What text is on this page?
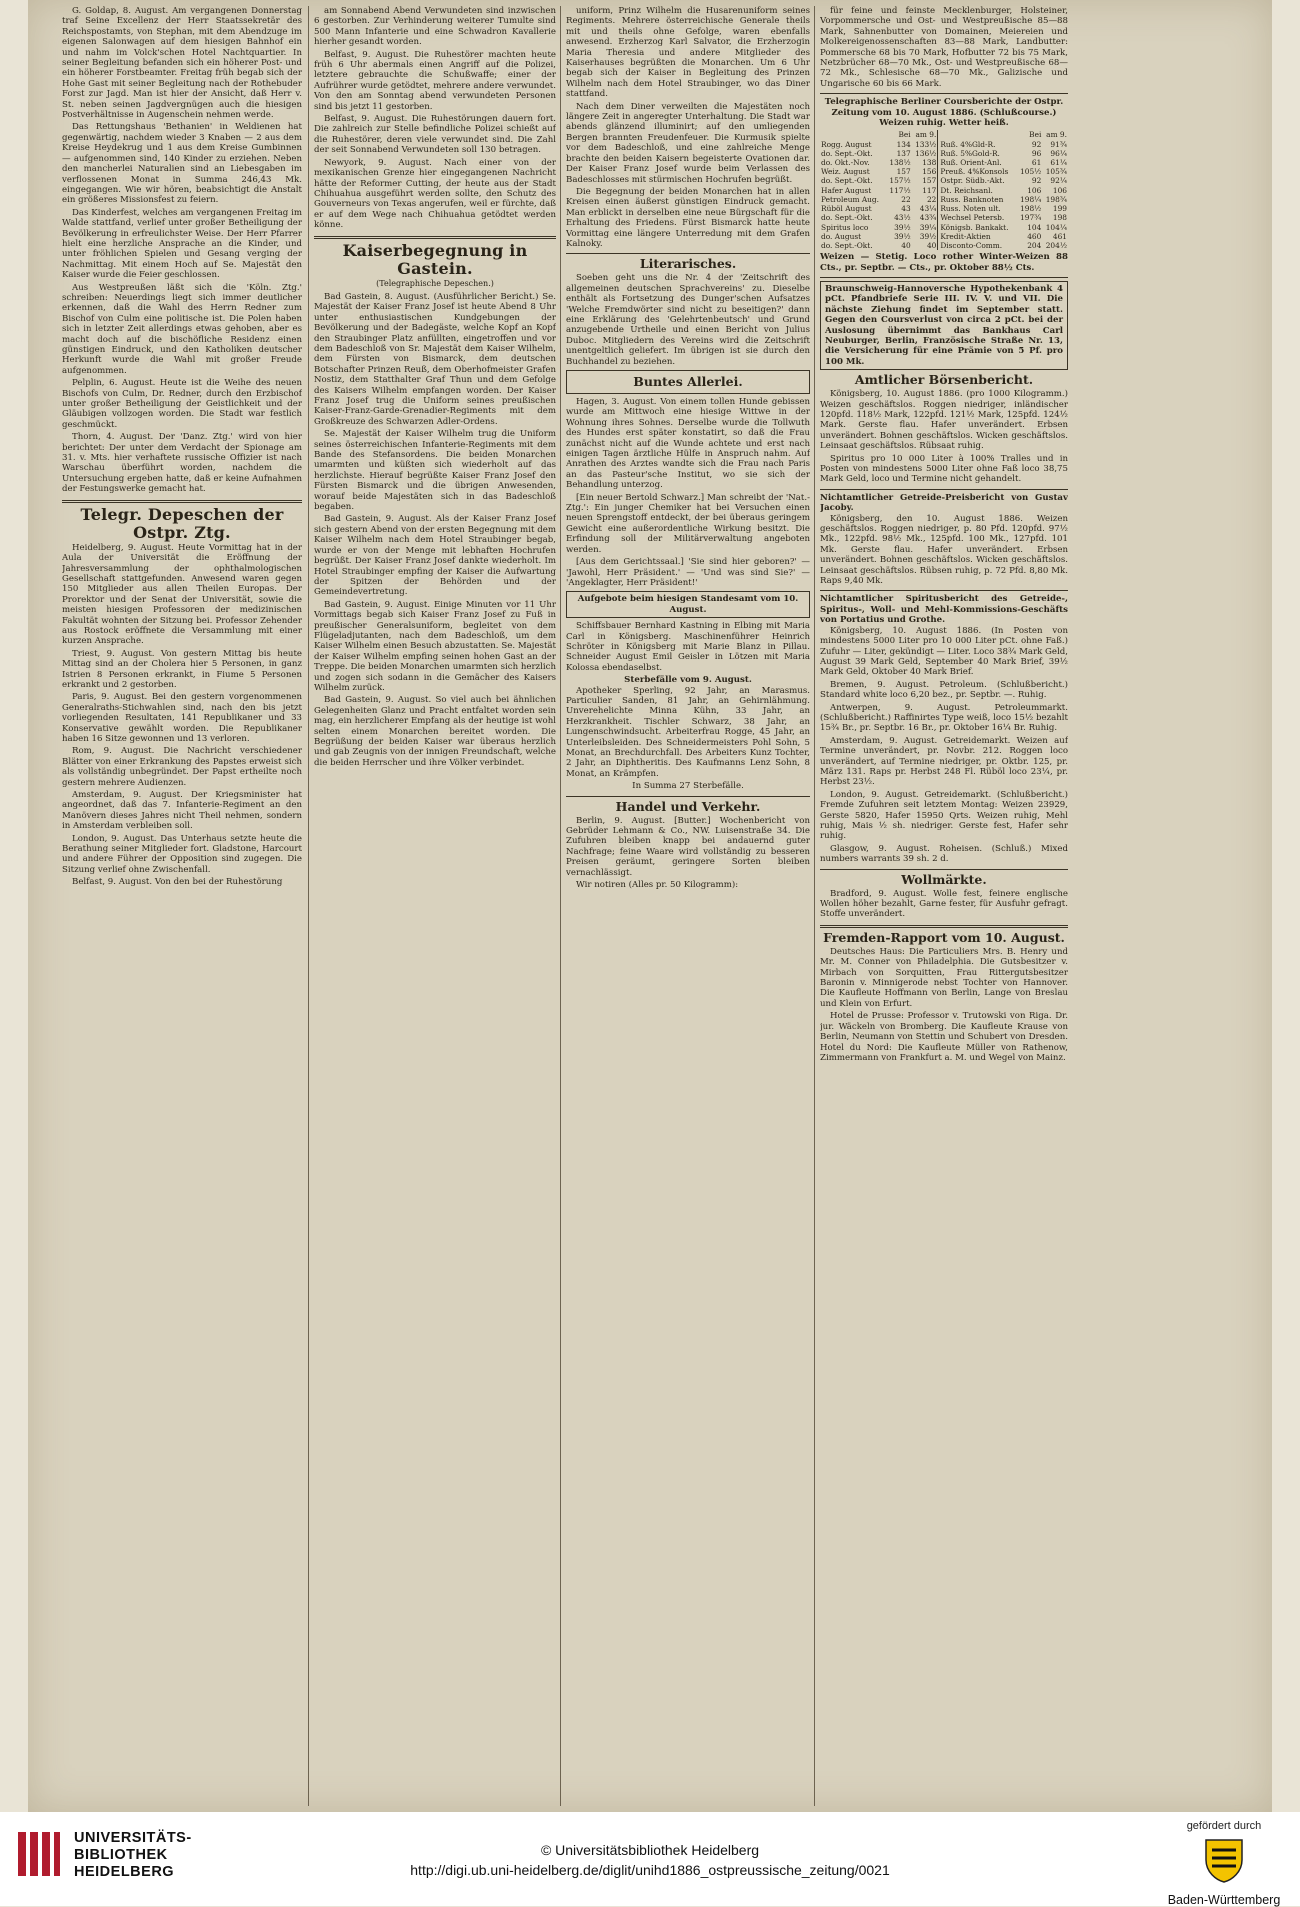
G. Goldap, 8. August. Am vergangenen Donnerstag traf Seine Excellenz der Herr Staatssekretär des Reichspostamts, von Stephan, mit dem Abendzuge im eigenen Salonwagen auf dem hiesigen Bahnhof ein und nahm im Volck'schen Hotel Nachtquartier. In seiner Begleitung befanden sich ein höherer Post- und ein höherer Forstbeamter. Freitag früh begab sich der Hohe Gast mit seiner Begleitung nach der Rothebuder Forst zur Jagd. Man ist hier der Ansicht, daß Herr v. St. neben seinen Jagdvergnügen auch die hiesigen Postverhältnisse in Augenschein nehmen werde.

Das Rettungshaus 'Bethanien' in Weldienen hat gegenwärtig, nachdem wieder 3 Knaben — 2 aus dem Kreise Heydekrug und 1 aus dem Kreise Gumbinnen — aufgenommen sind, 140 Kinder zu erziehen. Neben den mancherlei Naturalien sind an Liebesgaben im verflossenen Monat in Summa 246,43 Mk. eingegangen. Wie wir hören, beabsichtigt die Anstalt ein größeres Missionsfest zu feiern.

Das Kinderfest, welches am vergangenen Freitag im Walde stattfand, verlief unter großer Betheiligung der Bevölkerung in erfreulichster Weise. Der Herr Pfarrer hielt eine herzliche Ansprache an die Kinder, und unter fröhlichen Spielen und Gesang verging der Nachmittag. Mit einem Hoch auf Se. Majestät den Kaiser wurde die Feier geschlossen.

Aus Westpreußen läßt sich die 'Köln. Ztg.' schreiben: Neuerdings liegt sich immer deutlicher erkennen, daß die Wahl des Herrn Redner zum Bischof von Culm eine politische ist. Die Polen haben sich in letzter Zeit allerdings etwas gehoben, aber es macht doch auf die bischöfliche Residenz einen günstigen Eindruck, und den Katholiken deutscher Herkunft wurde die Wahl mit großer Freude aufgenommen.

Pelplin, 6. August. Heute ist die Weihe des neuen Bischofs von Culm, Dr. Redner, durch den Erzbischof unter großer Betheiligung der Geistlichkeit und der Gläubigen vollzogen worden. Die Stadt war festlich geschmückt.

Thorn, 4. August. Der 'Danz. Ztg.' wird von hier berichtet: Der unter dem Verdacht der Spionage am 31. v. Mts. hier verhaftete russische Offizier ist nach Warschau überführt worden, nachdem die Untersuchung ergeben hatte, daß er keine Aufnahmen der Festungswerke gemacht hat.

Telegr. Depeschen der Ostpr. Ztg.

Heidelberg, 9. August. Heute Vormittag hat in der Aula der Universität die Eröffnung der Jahresversammlung der ophthalmologischen Gesellschaft stattgefunden. Anwesend waren gegen 150 Mitglieder aus allen Theilen Europas. Der Prorektor und der Senat der Universität, sowie die meisten hiesigen Professoren der medizinischen Fakultät wohnten der Sitzung bei. Professor Zehender aus Rostock eröffnete die Versammlung mit einer kurzen Ansprache.

Triest, 9. August. Von gestern Mittag bis heute Mittag sind an der Cholera hier 5 Personen, in ganz Istrien 8 Personen erkrankt, in Fiume 5 Personen erkrankt und 2 gestorben.

Paris, 9. August. Bei den gestern vorgenommenen Generalraths-Stichwahlen sind, nach den bis jetzt vorliegenden Resultaten, 141 Republikaner und 33 Konservative gewählt worden. Die Republikaner haben 16 Sitze gewonnen und 13 verloren.

Rom, 9. August. Die Nachricht verschiedener Blätter von einer Erkrankung des Papstes erweist sich als vollständig unbegründet. Der Papst ertheilte noch gestern mehrere Audienzen.

Amsterdam, 9. August. Der Kriegsminister hat angeordnet, daß das 7. Infanterie-Regiment an den Manövern dieses Jahres nicht Theil nehmen, sondern in Amsterdam verbleiben soll.

London, 9. August. Das Unterhaus setzte heute die Berathung seiner Mitglieder fort. Gladstone, Harcourt und andere Führer der Opposition sind zugegen. Die Sitzung verlief ohne Zwischenfall.

Belfast, 9. August. Von den bei der Ruhestörung

am Sonnabend Abend Verwundeten sind inzwischen 6 gestorben. Zur Verhinderung weiterer Tumulte sind 500 Mann Infanterie und eine Schwadron Kavallerie hierher gesandt worden.

Belfast, 9. August. Die Ruhestörer machten heute früh 6 Uhr abermals einen Angriff auf die Polizei, letztere gebrauchte die Schußwaffe; einer der Aufrührer wurde getödtet, mehrere andere verwundet. Von den am Sonntag abend verwundeten Personen sind bis jetzt 11 gestorben.

Belfast, 9. August. Die Ruhestörungen dauern fort. Die zahlreich zur Stelle befindliche Polizei schießt auf die Ruhestörer, deren viele verwundet sind. Die Zahl der seit Sonnabend Verwundeten soll 130 betragen.

Newyork, 9. August. Nach einer von der mexikanischen Grenze hier eingegangenen Nachricht hätte der Reformer Cutting, der heute aus der Stadt Chihuahua ausgeführt werden sollte, den Schutz des Gouverneurs von Texas angerufen, weil er fürchte, daß er auf dem Wege nach Chihuahua getödtet werden könne.

Kaiserbegegnung in Gastein.
(Telegraphische Depeschen.)

Bad Gastein, 8. August. (Ausführlicher Bericht.) Se. Majestät der Kaiser Franz Josef ist heute Abend 8 Uhr unter enthusiastischen Kundgebungen der Bevölkerung und der Badegäste, welche Kopf an Kopf den Straubinger Platz anfüllten, eingetroffen und vor dem Badeschloß von Sr. Majestät dem Kaiser Wilhelm, dem Fürsten von Bismarck, dem deutschen Botschafter Prinzen Reuß, dem Oberhofmeister Grafen Nostiz, dem Statthalter Graf Thun und dem Gefolge des Kaisers Wilhelm empfangen worden. Der Kaiser Franz Josef trug die Uniform seines preußischen Kaiser-Franz-Garde-Grenadier-Regiments mit dem Großkreuze des Schwarzen Adler-Ordens.

Se. Majestät der Kaiser Wilhelm trug die Uniform seines österreichischen Infanterie-Regiments mit dem Bande des Stefansordens. Die beiden Monarchen umarmten und küßten sich wiederholt auf das herzlichste. Hierauf begrüßte Kaiser Franz Josef den Fürsten Bismarck und die übrigen Anwesenden, worauf beide Majestäten sich in das Badeschloß begaben.

Bad Gastein, 9. August. Als der Kaiser Franz Josef sich gestern Abend von der ersten Begegnung mit dem Kaiser Wilhelm nach dem Hotel Straubinger begab, wurde er von der Menge mit lebhaften Hochrufen begrüßt. Der Kaiser Franz Josef dankte wiederholt. Im Hotel Straubinger empfing der Kaiser die Aufwartung der Spitzen der Behörden und der Gemeindevertretung.

Bad Gastein, 9. August. Einige Minuten vor 11 Uhr Vormittags begab sich Kaiser Franz Josef zu Fuß in preußischer Generalsuniform, begleitet von dem Flügeladjutanten, nach dem Badeschloß, um dem Kaiser Wilhelm einen Besuch abzustatten. Se. Majestät der Kaiser Wilhelm empfing seinen hohen Gast an der Treppe. Die beiden Monarchen umarmten sich herzlich und zogen sich sodann in die Gemächer des Kaisers Wilhelm zurück.

Bad Gastein, 9. August. So viel auch bei ähnlichen Gelegenheiten Glanz und Pracht entfaltet worden sein mag, ein herzlicherer Empfang als der heutige ist wohl selten einem Monarchen bereitet worden. Die Begrüßung der beiden Kaiser war überaus herzlich und gab Zeugnis von der innigen Freundschaft, welche die beiden Herrscher und ihre Völker verbindet.

uniform, Prinz Wilhelm die Husarenuniform seines Regiments. Mehrere österreichische Generale theils mit und theils ohne Gefolge, waren ebenfalls anwesend. Erzherzog Karl Salvator, die Erzherzogin Maria Theresia und andere Mitglieder des Kaiserhauses begrüßten die Monarchen. Um 6 Uhr begab sich der Kaiser in Begleitung des Prinzen Wilhelm nach dem Hotel Straubinger, wo das Diner stattfand.

Nach dem Diner verweilten die Majestäten noch längere Zeit in angeregter Unterhaltung. Die Stadt war abends glänzend illuminirt; auf den umliegenden Bergen brannten Freudenfeuer. Die Kurmusik spielte vor dem Badeschloß, und eine zahlreiche Menge brachte den beiden Kaisern begeisterte Ovationen dar. Der Kaiser Franz Josef wurde beim Verlassen des Badeschlosses mit stürmischen Hochrufen begrüßt.

Die Begegnung der beiden Monarchen hat in allen Kreisen einen äußerst günstigen Eindruck gemacht. Man erblickt in derselben eine neue Bürgschaft für die Erhaltung des Friedens. Fürst Bismarck hatte heute Vormittag eine längere Unterredung mit dem Grafen Kalnoky.

Literarisches.

Soeben geht uns die Nr. 4 der 'Zeitschrift des allgemeinen deutschen Sprachvereins' zu. Dieselbe enthält als Fortsetzung des Dunger'schen Aufsatzes 'Welche Fremdwörter sind nicht zu beseitigen?' dann eine Erklärung des 'Gelehrtenbeutsch' und Grund anzugebende Urtheile und einen Bericht von Julius Duboc. Mitgliedern des Vereins wird die Zeitschrift unentgeltlich geliefert. Im übrigen ist sie durch den Buchhandel zu beziehen.

Buntes Allerlei.

Hagen, 3. August. Von einem tollen Hunde gebissen wurde am Mittwoch eine hiesige Wittwe in der Wohnung ihres Sohnes. Derselbe wurde die Tollwuth des Hundes erst später konstatirt, so daß die Frau zunächst nicht auf die Wunde achtete und erst nach einigen Tagen ärztliche Hülfe in Anspruch nahm. Auf Anrathen des Arztes wandte sich die Frau nach Paris an das Pasteur'sche Institut, wo sie sich der Behandlung unterzog.

[Ein neuer Bertold Schwarz.] Man schreibt der 'Nat.-Ztg.': Ein junger Chemiker hat bei Versuchen einen neuen Sprengstoff entdeckt, der bei überaus geringem Gewicht eine außerordentliche Wirkung besitzt. Die Erfindung soll der Militärverwaltung angeboten werden.

[Aus dem Gerichtssaal.] 'Sie sind hier geboren?' — 'Jawohl, Herr Präsident.' — 'Und was sind Sie?' — 'Angeklagter, Herr Präsident!'

Aufgebote beim hiesigen Standesamt vom 10. August.

Schiffsbauer Bernhard Kastning in Elbing mit Maria Carl in Königsberg. Maschinenführer Heinrich Schröter in Königsberg mit Marie Blanz in Pillau. Schneider August Emil Geisler in Lötzen mit Maria Kolossa ebendaselbst.

Sterbefälle vom 9. August.

Apotheker Sperling, 92 Jahr, an Marasmus. Particulier Sanden, 81 Jahr, an Gehirnlähmung. Unverehelichte Minna Kühn, 33 Jahr, an Herzkrankheit. Tischler Schwarz, 38 Jahr, an Lungenschwindsucht. Arbeiterfrau Rogge, 45 Jahr, an Unterleibsleiden. Des Schneidermeisters Pohl Sohn, 5 Monat, an Brechdurchfall. Des Arbeiters Kunz Tochter, 2 Jahr, an Diphtheritis. Des Kaufmanns Lenz Sohn, 8 Monat, an Krämpfen.

In Summa 27 Sterbefälle.
Handel und Verkehr.

Berlin, 9. August. [Butter.] Wochenbericht von Gebrüder Lehmann & Co., NW. Luisenstraße 34. Die Zufuhren bleiben knapp bei andauernd guter Nachfrage; feine Waare wird vollständig zu besseren Preisen geräumt, geringere Sorten bleiben vernachlässigt.

Wir notiren (Alles pr. 50 Kilogramm):

für feine und feinste Mecklenburger, Holsteiner, Vorpommersche und Ost- und Westpreußische 85—88 Mark, Sahnenbutter von Domainen, Meiereien und Molkereigenossenschaften 83—88 Mark, Landbutter: Pommersche 68 bis 70 Mark, Hofbutter 72 bis 75 Mark, Netzbrücher 68—70 Mk., Ost- und Westpreußische 68—72 Mk., Schlesische 68—70 Mk., Galizische und Ungarische 60 bis 66 Mark.

Telegraphische Berliner Coursberichte der Ostpr. Zeitung vom 10. August 1886. (Schlußcourse.) Weizen ruhig. Wetter heiß.
	Bei	am 9.		Bei	am 9.
Rogg. August	134	133½	Ruß. 4%Gld-R.	92	91¾
do. Sept.-Okt.	137	136½	Ruß. 5%Gold-R.	96	96¼
do. Okt.-Nov.	138½	138	Ruß. Orient-Anl.	61	61¼
Weiz. August	157	156	Preuß. 4%Konsols	105½	105¾
do. Sept.-Okt.	157½	157	Ostpr. Südb.-Akt.	92	92¼
Hafer August	117½	117	Dt. Reichsanl.	106	106
Petroleum Aug.	22	22	Russ. Banknoten	198¼	198¾
Rüböl August	43	43¼	Russ. Noten ult.	198½	199
do. Sept.-Okt.	43½	43¾	Wechsel Petersb.	197¾	198
Spiritus loco	39½	39¼	Königsb. Bankakt.	104	104¼
do. August	39½	39½	Kredit-Aktien	460	461
do. Sept.-Okt.	40	40	Disconto-Comm.	204	204½
Weizen — Stetig. Loco rother Winter-Weizen 88 Cts., pr. Septbr. — Cts., pr. Oktober 88½ Cts.
Braunschweig-Hannoversche Hypothekenbank 4 pCt. Pfandbriefe Serie III. IV. V. und VII. Die nächste Ziehung findet im September statt. Gegen den Coursverlust von circa 2 pCt. bei der Auslosung übernimmt das Bankhaus Carl Neuburger, Berlin, Französische Straße Nr. 13, die Versicherung für eine Prämie von 5 Pf. pro 100 Mk.
Amtlicher Börsenbericht.

Königsberg, 10. August 1886. (pro 1000 Kilogramm.) Weizen geschäftslos. Roggen niedriger, inländischer 120pfd. 118½ Mark, 122pfd. 121½ Mark, 125pfd. 124½ Mark. Gerste flau. Hafer unverändert. Erbsen unverändert. Bohnen geschäftslos. Wicken geschäftslos. Leinsaat geschäftslos. Rübsaat ruhig.

Spiritus pro 10 000 Liter à 100% Tralles und in Posten von mindestens 5000 Liter ohne Faß loco 38,75 Mark Geld, loco und Termine nicht gehandelt.

Nichtamtlicher Getreide-Preisbericht von Gustav Jacoby.

Königsberg, den 10. August 1886. Weizen geschäftslos. Roggen niedriger, p. 80 Pfd. 120pfd. 97½ Mk., 122pfd. 98½ Mk., 125pfd. 100 Mk., 127pfd. 101 Mk. Gerste flau. Hafer unverändert. Erbsen unverändert. Bohnen geschäftslos. Wicken geschäftslos. Leinsaat geschäftslos. Rübsen ruhig, p. 72 Pfd. 8,80 Mk. Raps 9,40 Mk.

Nichtamtlicher Spiritusbericht des Getreide-, Spiritus-, Woll- und Mehl-Kommissions-Geschäfts von Portatius und Grothe.

Königsberg, 10. August 1886. (In Posten von mindestens 5000 Liter pro 10 000 Liter pCt. ohne Faß.) Zufuhr — Liter, gekündigt — Liter. Loco 38¾ Mark Geld, August 39 Mark Geld, September 40 Mark Brief, 39½ Mark Geld, Oktober 40 Mark Brief.

Bremen, 9. August. Petroleum. (Schlußbericht.) Standard white loco 6,20 bez., pr. Septbr. —. Ruhig.

Antwerpen, 9. August. Petroleummarkt. (Schlußbericht.) Raffinirtes Type weiß, loco 15½ bezahlt 15¾ Br., pr. Septbr. 16 Br., pr. Oktober 16¼ Br. Ruhig.

Amsterdam, 9. August. Getreidemarkt. Weizen auf Termine unverändert, pr. Novbr. 212. Roggen loco unverändert, auf Termine niedriger, pr. Oktbr. 125, pr. März 131. Raps pr. Herbst 248 Fl. Rüböl loco 23¼, pr. Herbst 23½.

London, 9. August. Getreidemarkt. (Schlußbericht.) Fremde Zufuhren seit letztem Montag: Weizen 23929, Gerste 5820, Hafer 15950 Qrts. Weizen ruhig, Mehl ruhig, Mais ½ sh. niedriger. Gerste fest, Hafer sehr ruhig.

Glasgow, 9. August. Roheisen. (Schluß.) Mixed numbers warrants 39 sh. 2 d.

Wollmärkte.

Bradford, 9. August. Wolle fest, feinere englische Wollen höher bezahlt, Garne fester, für Ausfuhr gefragt. Stoffe unverändert.

Fremden-Rapport vom 10. August.

Deutsches Haus: Die Particuliers Mrs. B. Henry und Mr. M. Conner von Philadelphia. Die Gutsbesitzer v. Mirbach von Sorquitten, Frau Rittergutsbesitzer Baronin v. Minnigerode nebst Tochter von Hannover. Die Kaufleute Hoffmann von Berlin, Lange von Breslau und Klein von Erfurt.

Hotel de Prusse: Professor v. Trutowski von Riga. Dr. jur. Wäckeln von Bromberg. Die Kaufleute Krause von Berlin, Neumann von Stettin und Schubert von Dresden. Hotel du Nord: Die Kaufleute Müller von Rathenow, Zimmermann von Frankfurt a. M. und Wegel von Mainz.

UNIVERSITÄTS-
BIBLIOTHEK
HEIDELBERG
© Universitätsbibliothek Heidelberg
http://digi.ub.uni-heidelberg.de/diglit/unihd1886_ostpreussische_zeitung/0021
gefördert durch
Baden-Württemberg
